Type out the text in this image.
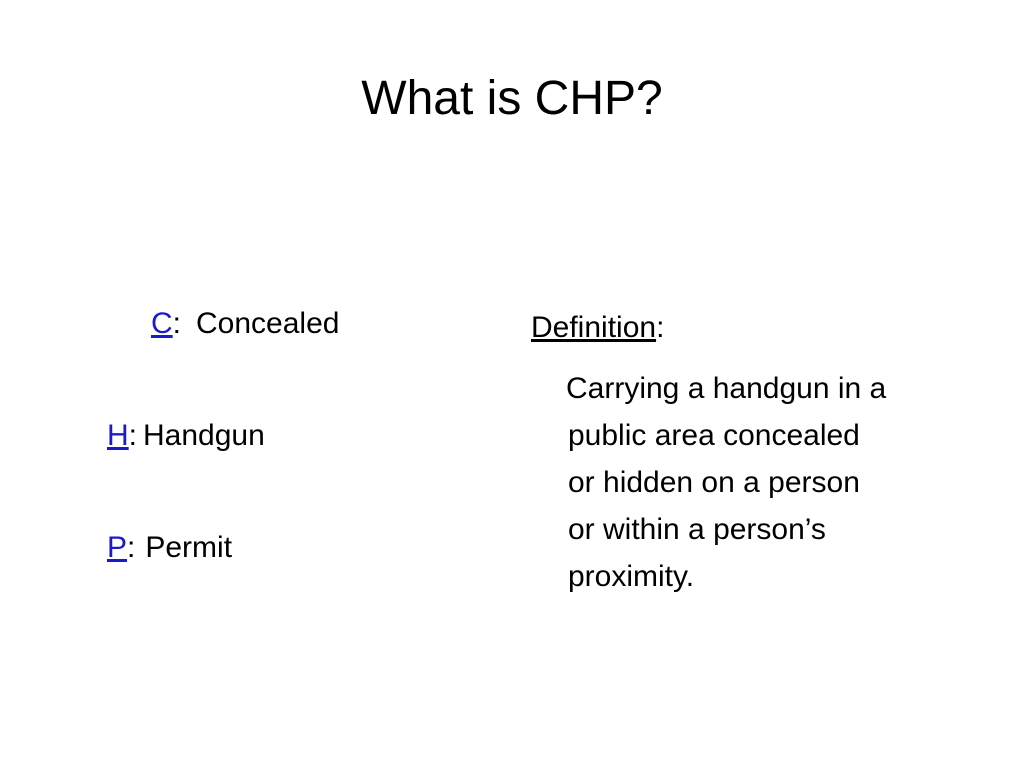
What is CHP?
C: Concealed
H: Handgun
P: Permit
Definition:
Carrying a handgun in a
public area concealed
or hidden on a person
or within a person’s
proximity.
